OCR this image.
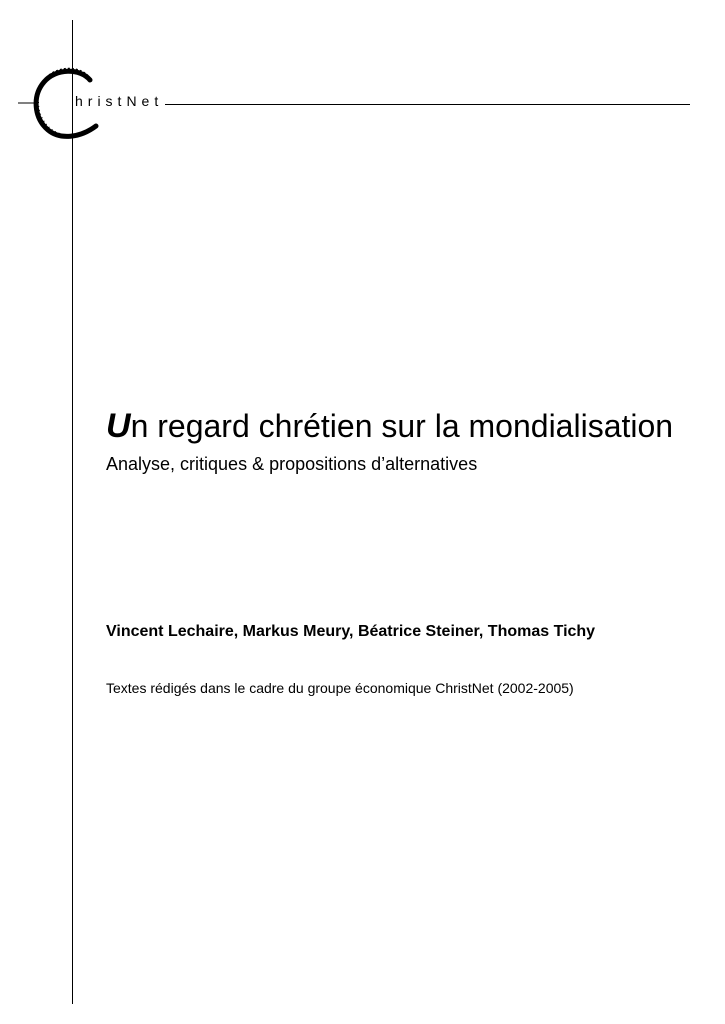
hristNet
Un regard chrétien sur la mondialisation

Analyse, critiques & propositions d’alternatives

Vincent Lechaire, Markus Meury, Béatrice Steiner, Thomas Tichy

Textes rédigés dans le cadre du groupe économique ChristNet (2002-2005)
